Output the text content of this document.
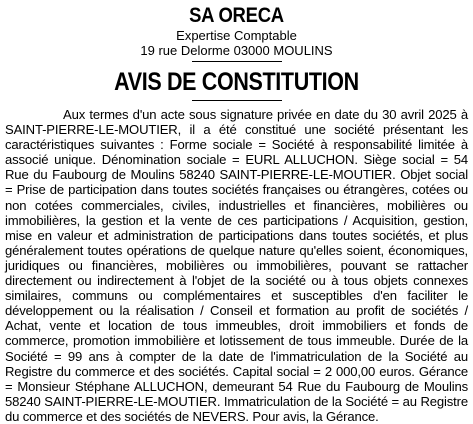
SA ORECA
Expertise Comptable
19 rue Delorme 03000 MOULINS
AVIS DE CONSTITUTION

Aux termes d'un acte sous signature privée en date du 30 avril 2025 à SAINT-PIERRE-LE-MOUTIER, il a été constitué une société présentant les caractéristiques suivantes : Forme sociale = Société à responsabilité limitée à associé unique. Dénomination sociale = EURL ALLUCHON. Siège social = 54 Rue du Faubourg de Moulins 58240 SAINT-PIERRE-LE-MOUTIER. Objet social = Prise de participation dans toutes sociétés françaises ou étrangères, cotées ou non cotées commerciales, civiles, industrielles et financières, mobilières ou immobilières, la gestion et la vente de ces participations / Acquisition, gestion, mise en valeur et administration de participations dans toutes sociétés, et plus généralement toutes opérations de quelque nature qu'elles soient, économiques, juridiques ou financières, mobilières ou immobilières, pouvant se rattacher directement ou indirectement à l'objet de la société ou à tous objets connexes similaires, communs ou complémentaires et susceptibles d'en faciliter le développement ou la réalisation / Conseil et formation au profit de sociétés / Achat, vente et location de tous immeubles, droit immobiliers et fonds de commerce, promotion immobilière et lotissement de tous immeuble. Durée de la Société = 99 ans à compter de la date de l'immatriculation de la Société au Registre du commerce et des sociétés. Capital social = 2 000,00 euros. Gérance = Monsieur Stéphane ALLUCHON, demeurant 54 Rue du Faubourg de Moulins 58240 SAINT-PIERRE-LE-MOUTIER. Immatriculation de la Société = au Registre du commerce et des sociétés de NEVERS. Pour avis, la Gérance.
